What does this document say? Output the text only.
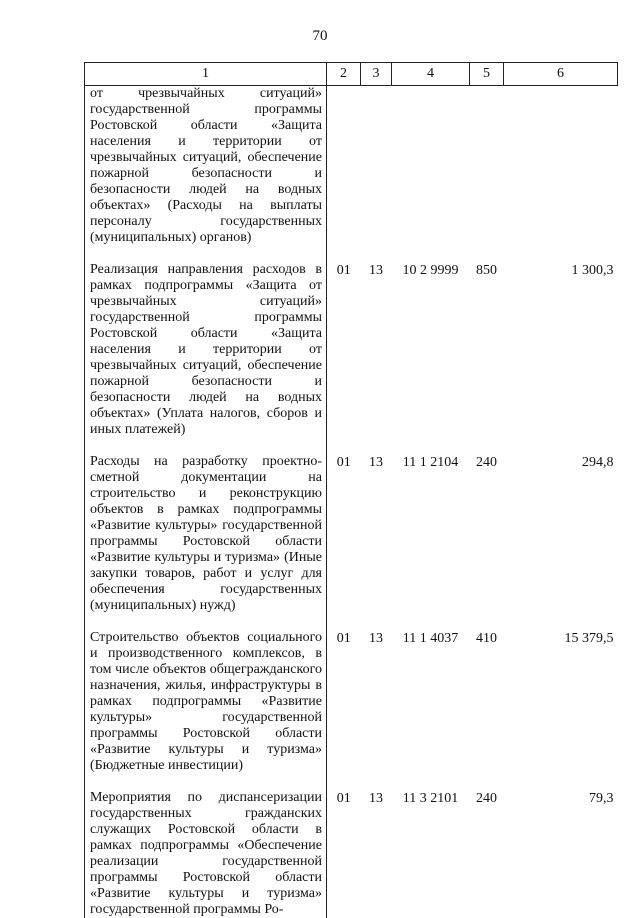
70
1	2	3	4	5	6
от чрезвычайных ситуаций» государственной программы Ростовской области «Защита населения и территории от чрезвычайных ситуаций, обеспечение пожарной безопасности и безопасности людей на водных объектах» (Расходы на выплаты персоналу государственных (муниципальных) органов)					
Реализация направления расходов в рамках подпрограммы «Защита от чрезвычайных ситуаций» государственной программы Ростовской области «Защита населения и территории от чрезвычайных ситуаций, обеспечение пожарной безопасности и безопасности людей на водных объектах» (Уплата налогов, сборов и иных платежей)	01	13	10 2 9999	850	1 300,3
Расходы на разработку проектно-сметной документации на строительство и реконструкцию объектов в рамках подпрограммы «Развитие культуры» государственной программы Ростовской области «Развитие культуры и туризма» (Иные закупки товаров, работ и услуг для обеспечения государственных (муниципальных) нужд)	01	13	11 1 2104	240	294,8
Строительство объектов социального и производственного комплексов, в том числе объектов общегражданского назначения, жилья, инфраструктуры в рамках подпрограммы «Развитие культуры» государственной программы Ростовской области «Развитие культуры и туризма» (Бюджетные инвестиции)	01	13	11 1 4037	410	15 379,5
Мероприятия по диспансеризации государственных гражданских служащих Ростовской области в рамках подпрограммы «Обеспечение реализации государственной программы Ростовской области «Развитие культуры и туризма» государственной программы Ро-	01	13	11 3 2101	240	79,3
